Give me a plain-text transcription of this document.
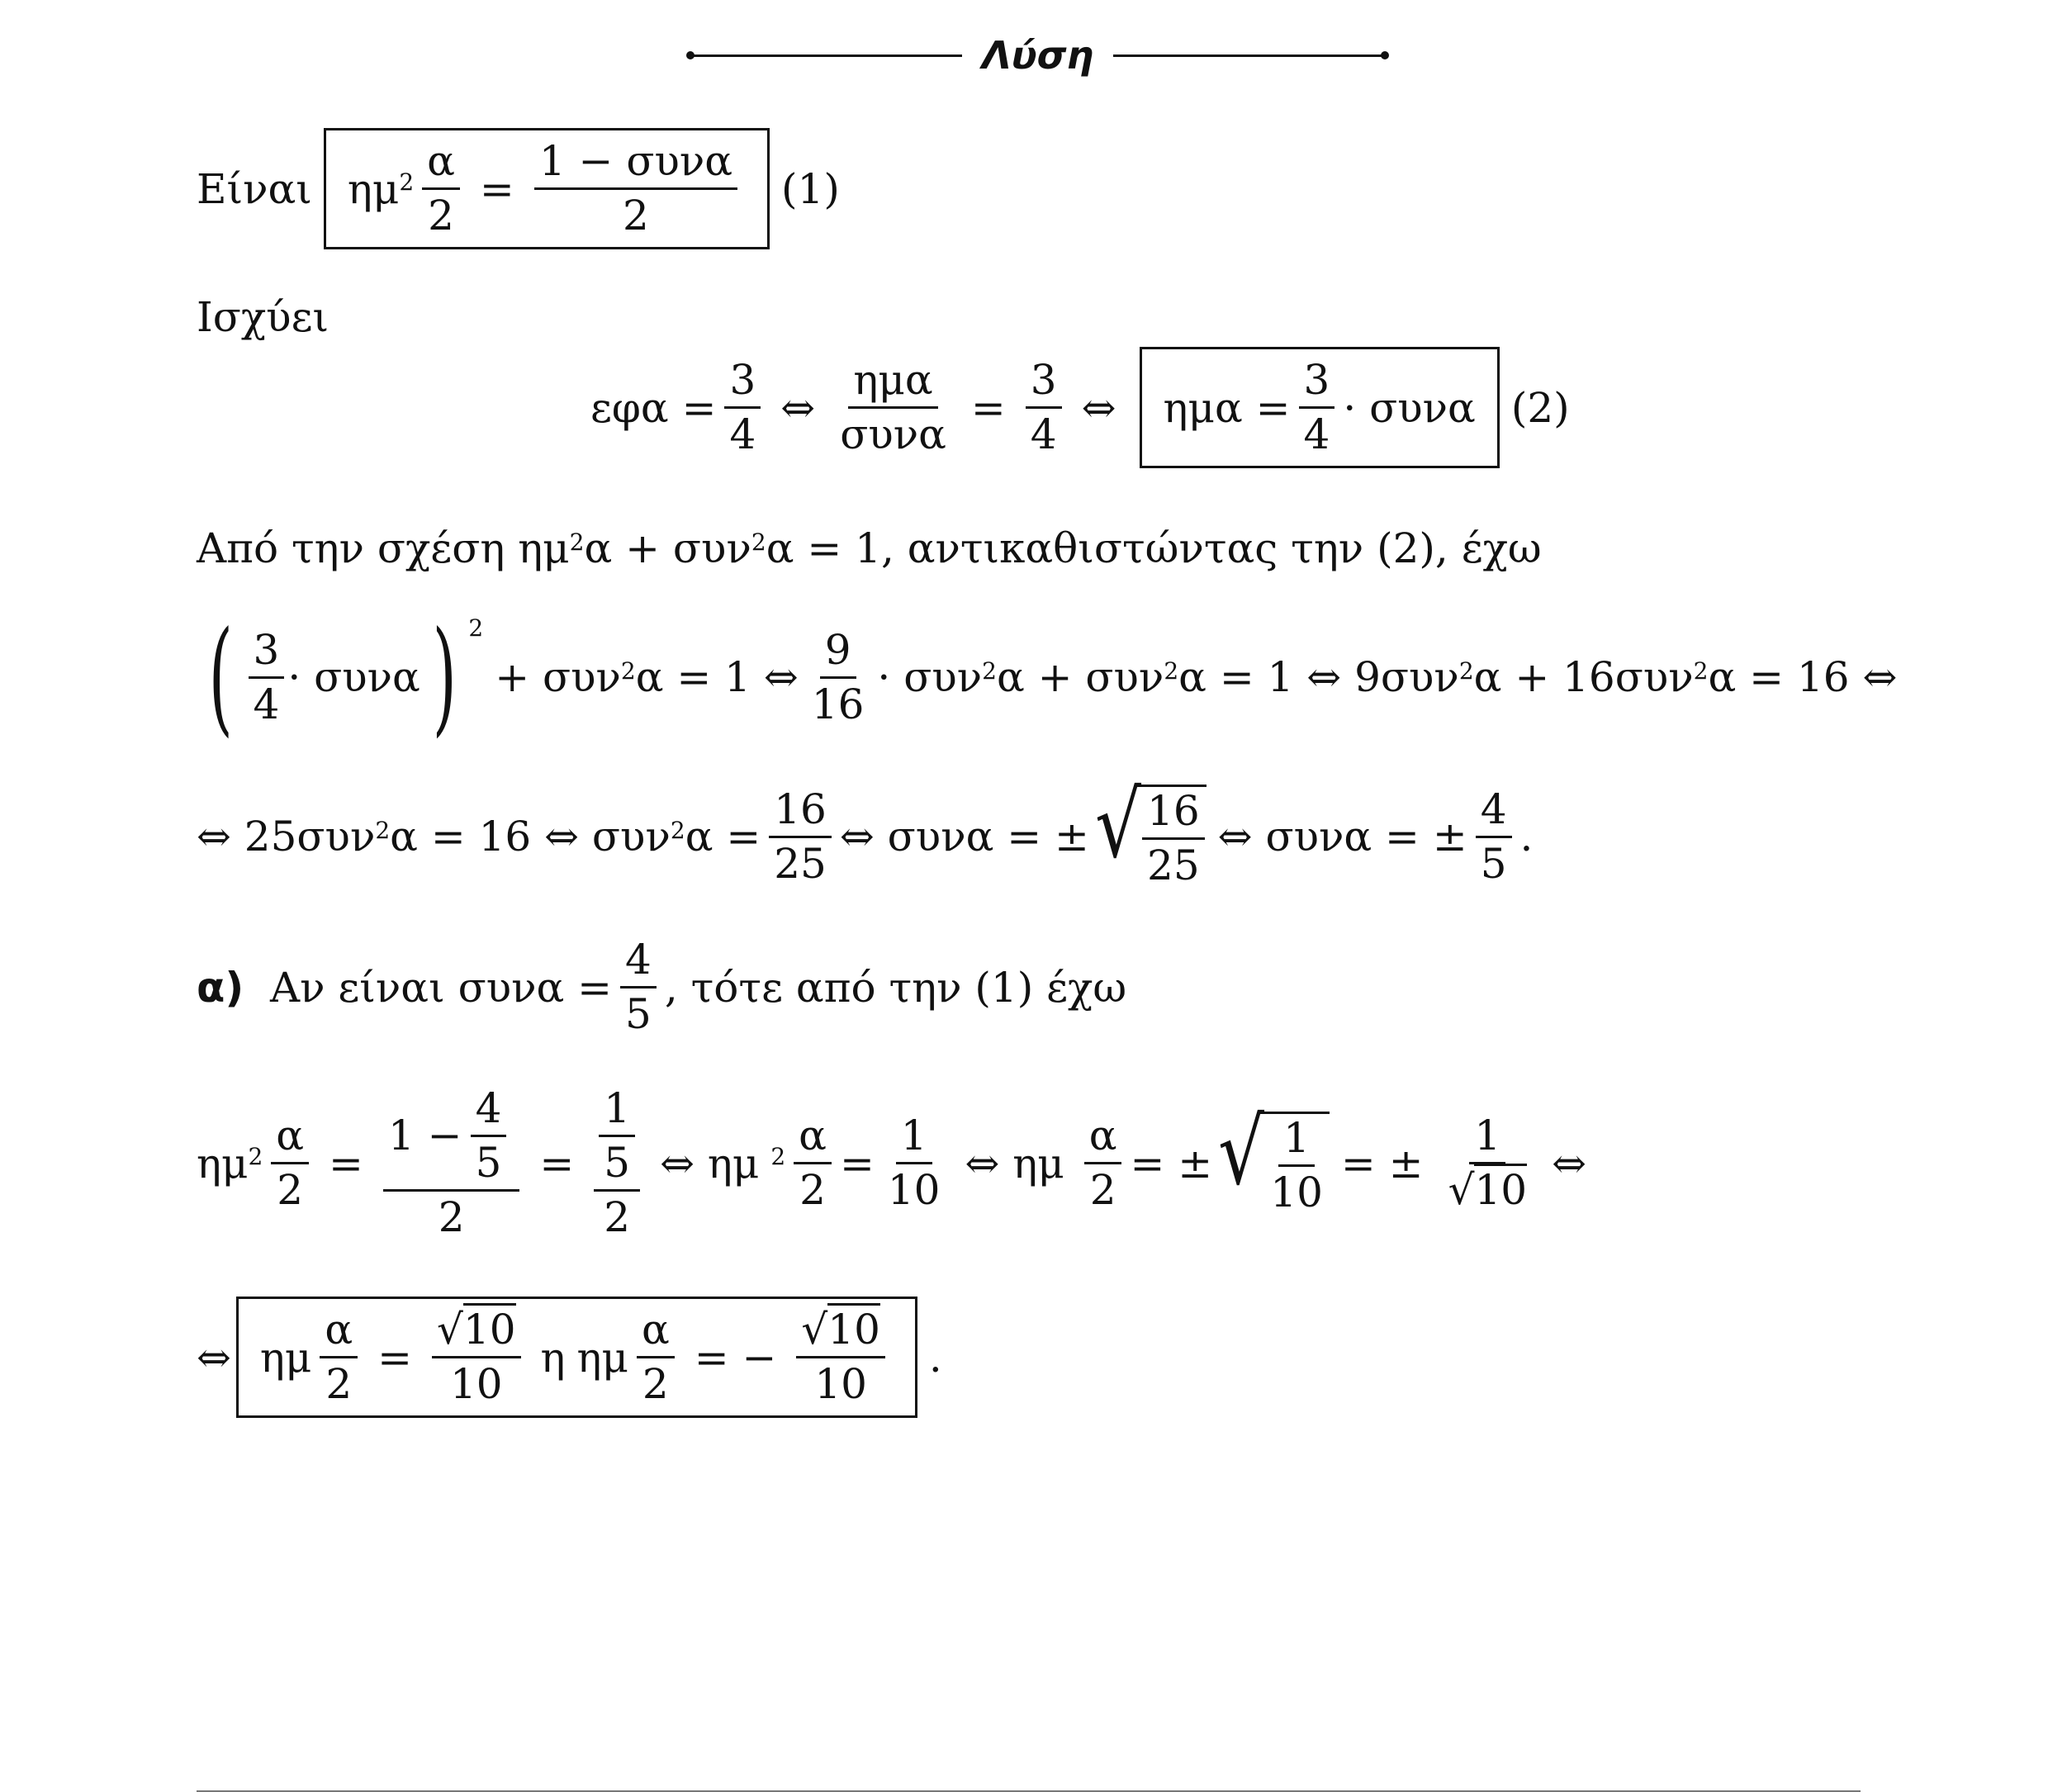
Λύση
Είναι $\eta\mu^2 \frac{\alpha}{2} = \frac{\text{1 − συνα}}{2} (1)$
Ισχύει
$\varepsilon\varphi\alpha = \frac{3}{4}$ ⇔ $\frac{\text{ημα}}{\text{συνα}} = \frac{3}{4}$ ⇔ $\eta\mu\alpha = \frac{3}{4} \cdot \sigma\upsilon\nu\alpha$ (2)
Από την σχέση
$\eta\mu^2$ α + συν$^2$ α = 1 , αντικαθιστώντας την (2), έχω
( $\frac{3}{4} \cdot \sigma\upsilon\nu\alpha$ ) $^2$
+ συν$^2$ α = 1 ⇔ $\frac{9}{16} \cdot \sigma\upsilon\nu^2$ α + συν$^2$ α = 1 ⇔ 9συν$^2$ α + 16συν$^2$ α = 16 ⇔
⇔ 25συν$^2$ α = 16 ⇔ συν$^2$ $\alpha = \frac{16}{25}$ ⇔ συνα = ± √ $\frac{16}{25}$ ⇔ συνα = ± $\frac{4}{5}$ .
α)
Αν είναι $\sigma\upsilon\nu\alpha = \frac{4}{5}$ , τότε από την (1) έχω
$\eta\mu^2 \frac{\alpha}{2} = \frac{1 - \frac{4}{5}}{2} = \frac{\frac{1}{5}}{2}$ ⇔ ημ $^2 \frac{\alpha}{2} = \frac{1}{10}$ ⇔ ημ $\frac{\alpha}{2}$ = ± √ $\frac{1}{10}$ = ± $\frac{1}{√10}$ ⇔
⇔ ημ $\frac{\alpha}{2} = \frac{√10}{10}$ η ημ $\frac{\alpha}{2}$ = − $\frac{√10}{10}$ .
